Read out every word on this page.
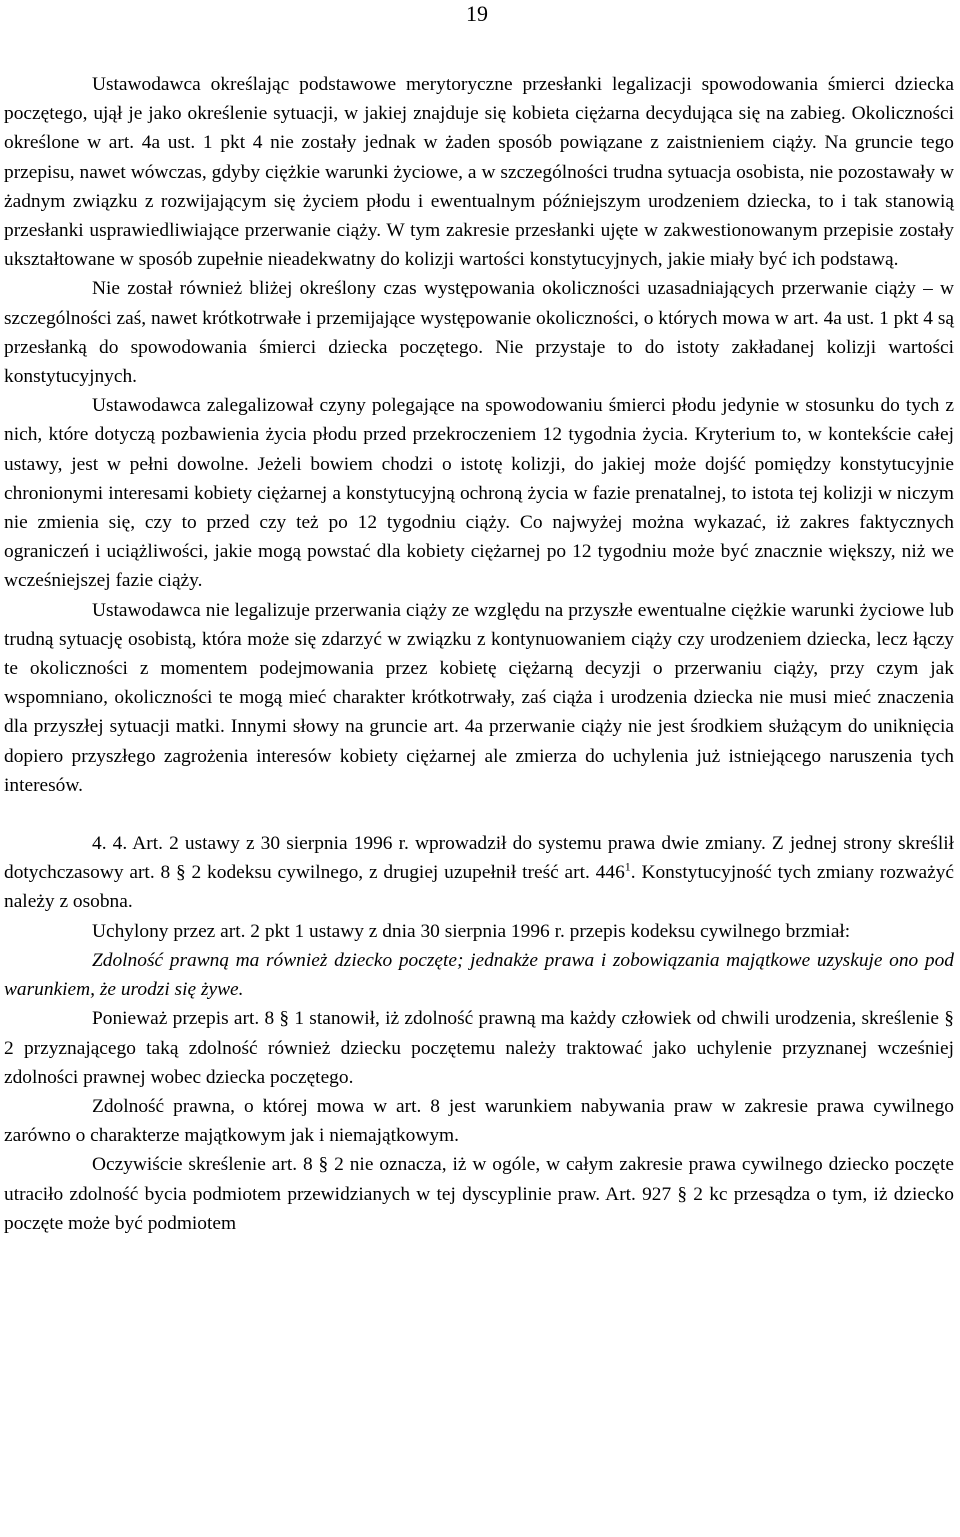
19

Ustawodawca określając podstawowe merytoryczne przesłanki legalizacji spowodowania śmierci dziecka poczętego, ujął je jako określenie sytuacji, w jakiej znajduje się kobieta ciężarna decydująca się na zabieg. Okoliczności określone w art. 4a ust. 1 pkt 4 nie zostały jednak w żaden sposób powiązane z zaistnieniem ciąży. Na gruncie tego przepisu, nawet wówczas, gdyby ciężkie warunki życiowe, a w szczególności trudna sytuacja osobista, nie pozostawały w żadnym związku z rozwijającym się życiem płodu i ewentualnym późniejszym urodzeniem dziecka, to i tak stanowią przesłanki usprawiedliwiające przerwanie ciąży. W tym zakresie przesłanki ujęte w zakwestionowanym przepisie zostały ukształtowane w sposób zupełnie nieadekwatny do kolizji wartości konstytucyjnych, jakie miały być ich podstawą.

Nie został również bliżej określony czas występowania okoliczności uzasadniających przerwanie ciąży – w szczególności zaś, nawet krótkotrwałe i przemijające występowanie okoliczności, o których mowa w art. 4a ust. 1 pkt 4 są przesłanką do spowodowania śmierci dziecka poczętego. Nie przystaje to do istoty zakładanej kolizji wartości konstytucyjnych.

Ustawodawca zalegalizował czyny polegające na spowodowaniu śmierci płodu jedynie w stosunku do tych z nich, które dotyczą pozbawienia życia płodu przed przekroczeniem 12 tygodnia życia. Kryterium to, w kontekście całej ustawy, jest w pełni dowolne. Jeżeli bowiem chodzi o istotę kolizji, do jakiej może dojść pomiędzy konstytucyjnie chronionymi interesami kobiety ciężarnej a konstytucyjną ochroną życia w fazie prenatalnej, to istota tej kolizji w niczym nie zmienia się, czy to przed czy też po 12 tygodniu ciąży. Co najwyżej można wykazać, iż zakres faktycznych ograniczeń i uciążliwości, jakie mogą powstać dla kobiety ciężarnej po 12 tygodniu może być znacznie większy, niż we wcześniejszej fazie ciąży.

Ustawodawca nie legalizuje przerwania ciąży ze względu na przyszłe ewentualne ciężkie warunki życiowe lub trudną sytuację osobistą, która może się zdarzyć w związku z kontynuowaniem ciąży czy urodzeniem dziecka, lecz łączy te okoliczności z momentem podejmowania przez kobietę ciężarną decyzji o przerwaniu ciąży, przy czym jak wspomniano, okoliczności te mogą mieć charakter krótkotrwały, zaś ciąża i urodzenia dziecka nie musi mieć znaczenia dla przyszłej sytuacji matki. Innymi słowy na gruncie art. 4a przerwanie ciąży nie jest środkiem służącym do uniknięcia dopiero przyszłego zagrożenia interesów kobiety ciężarnej ale zmierza do uchylenia już istniejącego naruszenia tych interesów.

4. 4. Art. 2 ustawy z 30 sierpnia 1996 r. wprowadził do systemu prawa dwie zmiany. Z jednej strony skreślił dotychczasowy art. 8 § 2 kodeksu cywilnego, z drugiej uzupełnił treść art. $446^1$. Konstytucyjność tych zmiany rozważyć należy z osobna.

Uchylony przez art. 2 pkt 1 ustawy z dnia 30 sierpnia 1996 r. przepis kodeksu cywilnego brzmiał:

Zdolność prawną ma również dziecko poczęte; jednakże prawa i zobowiązania majątkowe uzyskuje ono pod warunkiem, że urodzi się żywe.

Ponieważ przepis art. 8 § 1 stanowił, iż zdolność prawną ma każdy człowiek od chwili urodzenia, skreślenie § 2 przyznającego taką zdolność również dziecku poczętemu należy traktować jako uchylenie przyznanej wcześniej zdolności prawnej wobec dziecka poczętego.

Zdolność prawna, o której mowa w art. 8 jest warunkiem nabywania praw w zakresie prawa cywilnego zarówno o charakterze majątkowym jak i niemajątkowym.

Oczywiście skreślenie art. 8 § 2 nie oznacza, iż w ogóle, w całym zakresie prawa cywilnego dziecko poczęte utraciło zdolność bycia podmiotem przewidzianych w tej dyscyplinie praw. Art. 927 § 2 kc przesądza o tym, iż dziecko poczęte może być podmiotem
